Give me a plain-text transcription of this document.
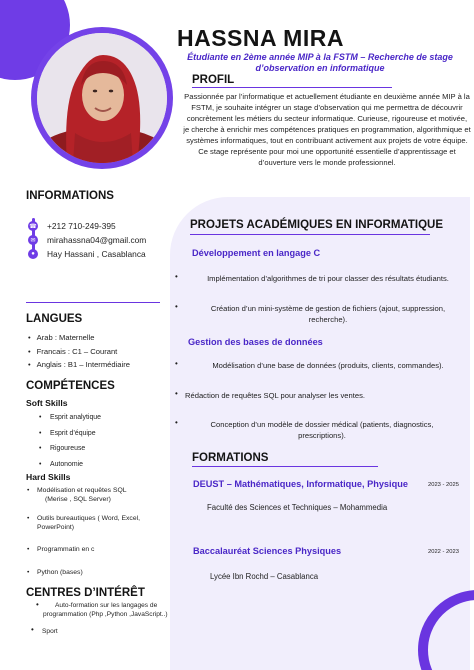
HASSNA MIRA
Étudiante en 2ème année MIP à la FSTM – Recherche de stage d’observation en informatique
PROFIL
Passionnée par l’informatique et actuellement étudiante en deuxième année MIP à la FSTM, je souhaite intégrer un stage d’observation qui me permettra de découvrir concrètement les métiers du secteur informatique. Curieuse, rigoureuse et motivée, je cherche à enrichir mes compétences pratiques en programmation, algorithmique et systèmes informatiques, tout en contribuant activement aux projets de votre équipe. Ce stage représente pour moi une opportunité essentielle d’apprentissage et d’ouverture vers le monde professionnel.
INFORMATIONS
☎ +212 710-249-395
✉ mirahassna04@gmail.com
●	Hay Hassani , Casablanca
LANGUES
• Arab : Maternelle
• Francais : C1 – Courant
• Anglais : B1 – Intermédiaire
COMPÉTENCES
Soft Skills
• Esprit analytique
• Esprit d’équipe
• Rigoureuse
• Autonomie
Hard Skills
• Modélisation et requêtes SQL
(Merise , SQL Server)
• Outils bureautiques ( Word, Excel,
PowerPoint)
• Programmatin en c
• Python (bases)
CENTRES D’INTÉRÊT
• Auto-formation sur les langages de
programmation (Php ,Python ,JavaScript..)
• Sport
PROJETS ACADÉMIQUES EN INFORMATIQUE
Développement en langage C
•	Implémentation d’algorithmes de tri pour classer des résultats étudiants.
•	Création d’un mini-système de gestion de fichiers (ajout, suppression,
recherche).
Gestion des bases de données
•	Modélisation d’une base de données (produits, clients, commandes).
• Rédaction de requêtes SQL pour analyser les ventes.
•	Conception d’un modèle de dossier médical (patients, diagnostics,
prescriptions).
FORMATIONS
DEUST – Mathématiques, Informatique, Physique	2023 - 2025
Faculté des Sciences et Techniques – Mohammedia
Baccalauréat Sciences Physiques	2022 - 2023
Lycée Ibn Rochd – Casablanca
